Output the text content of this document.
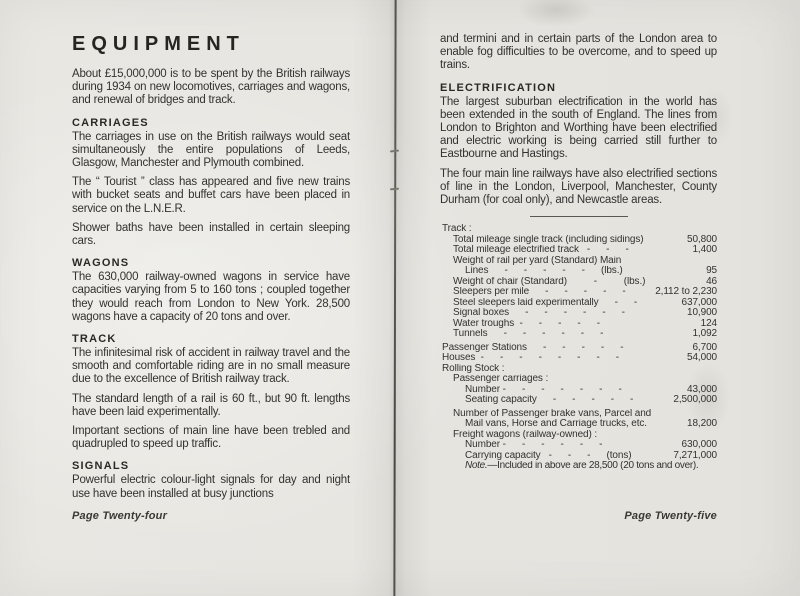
EQUIPMENT

About £15,000,000 is to be spent by the British railways during 1934 on new locomotives, carriages and wagons, and renewal of bridges and track.

CARRIAGES

The carriages in use on the British railways would seat simultaneously the entire populations of Leeds, Glasgow, Manchester and Plymouth combined.

The “ Tourist ” class has appeared and five new trains with bucket seats and buffet cars have been placed in service on the L.N.E.R.

Shower baths have been installed in certain sleeping cars.

WAGONS

The 630,000 railway-owned wagons in service have capacities varying from 5 to 160 tons ; coupled together they would reach from London to New York. 28,500 wagons have a capacity of 20 tons and over.

TRACK

The infinitesimal risk of accident in railway travel and the smooth and comfortable riding are in no small measure due to the excellence of British railway track.

The standard length of a rail is 60 ft., but 90 ft. lengths have been laid experimentally.

Important sections of main line have been trebled and quadrupled to speed up traffic.

SIGNALS

Powerful electric colour-light signals for day and night use have been installed at busy junctions

Page Twenty-four

and termini and in certain parts of the London area to enable fog difficulties to be overcome, and to speed up trains.

ELECTRIFICATION

The largest suburban electrification in the world has been extended in the south of England. The lines from London to Brighton and Worthing have been electrified and electric working is being carried still further to Eastbourne and Hastings.

The four main line railways have also electrified sections of line in the London, Liverpool, Manchester, County Durham (for coal only), and Newcastle areas.

Track :
Total mileage single track (including sidings)	50,800
Total mileage electrified track   -      -      -	1,400
Weight of rail per yard (Standard) Main
Lines      -      -      -      -      -      (lbs.)	95
Weight of chair (Standard)          -          (lbs.)	46
Sleepers per mile      -      -      -      -      -	2,112 to 2,230
Steel sleepers laid experimentally      -      -	637,000
Signal boxes      -      -      -      -      -      -	10,900
Water troughs  -      -      -      -      -	124
Tunnels      -      -      -      -      -      -	1,092
Passenger Stations      -      -      -      -      -	6,700
Houses  -      -      -      -      -      -      -      -	54,000
Rolling Stock :
Passenger carriages :
Number -      -      -      -      -      -      -	43,000
Seating capacity      -      -      -      -      -	2,500,000
Number of Passenger brake vans, Parcel and
Mail vans, Horse and Carriage trucks, etc.	18,200
Freight wagons (railway-owned) :
Number -      -      -      -      -      -	630,000
Carrying capacity   -      -      -      (tons)	7,271,000
Note.—Included in above are 28,500 (20 tons and over).
Page Twenty-five
